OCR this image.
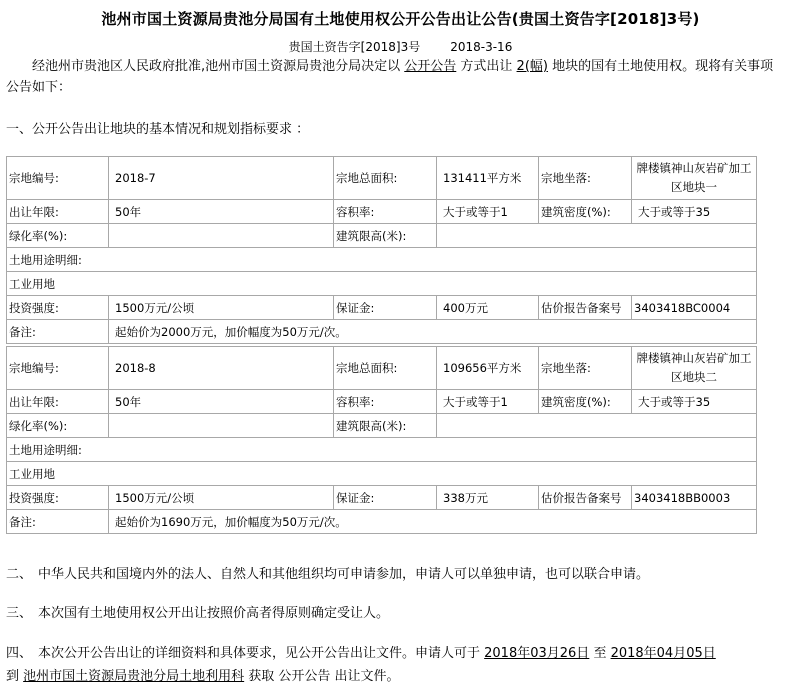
池州市国土资源局贵池分局国有土地使用权公开公告出让公告(贵国土资告字[2018]3号)
贵国土资告字[2018]3号	2018-3-16
经池州市贵池区人民政府批准,池州市国土资源局贵池分局决定以 公开公告 方式出让 2(幅) 地块的国有土地使用权。现将有关事项公告如下：
一、公开公告出让地块的基本情况和规划指标要求 ：
宗地编号:	2018-7	宗地总面积:	131411平方米	宗地坐落:	牌楼镇神山灰岩矿加工区地块一
出让年限:	50年	容积率:	大于或等于1	建筑密度(%):	大于或等于35
绿化率(%):		建筑限高(米):			
土地用途明细:					
工业用地					
投资强度:	1500万元/公顷	保证金:	400万元	估价报告备案号	3403418BC0004
备注:	起始价为2000万元，加价幅度为50万元/次。				
宗地编号:	2018-8	宗地总面积:	109656平方米	宗地坐落:	牌楼镇神山灰岩矿加工区地块二
出让年限:	50年	容积率:	大于或等于1	建筑密度(%):	大于或等于35
绿化率(%):		建筑限高(米):			
土地用途明细:					
工业用地					
投资强度:	1500万元/公顷	保证金:	338万元	估价报告备案号	3403418BB0003
备注:	起始价为1690万元，加价幅度为50万元/次。				
二、 中华人民共和国境内外的法人、自然人和其他组织均可申请参加，申请人可以单独申请，也可以联合申请。
三、 本次国有土地使用权公开出让按照价高者得原则确定受让人。
四、 本次公开公告出让的详细资料和具体要求，见公开公告出让文件。申请人可于 2018年03月26日 至 2018年04月05日
到 池州市国土资源局贵池分局土地利用科 获取 公开公告 出让文件。
